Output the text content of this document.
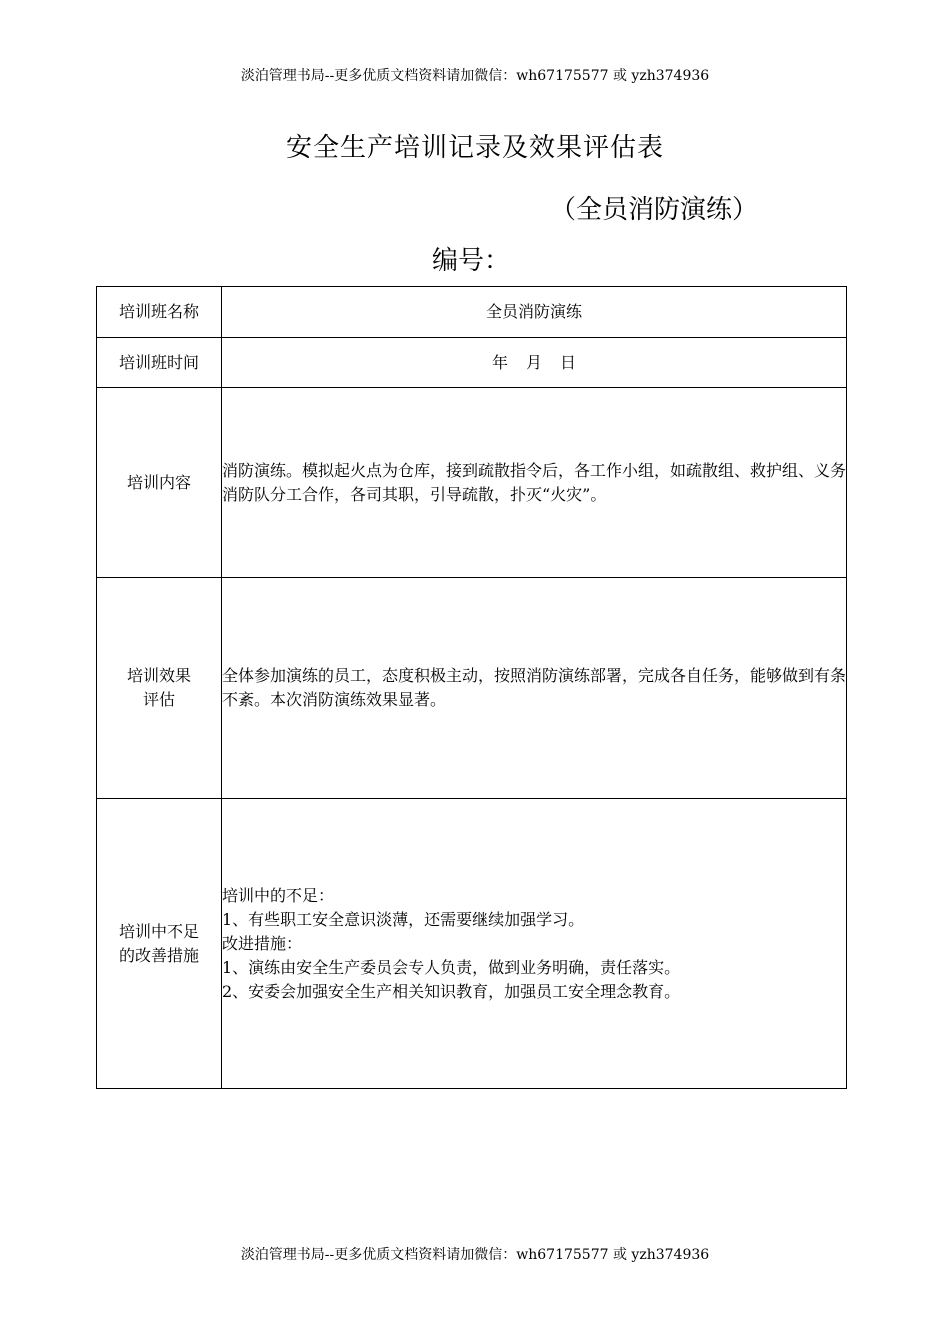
淡泊管理书局--更多优质文档资料请加微信：wh67175577 或 yzh374936
安全生产培训记录及效果评估表
（全员消防演练）
编号：
培训班名称	全员消防演练
培训班时间	年 月 日
培训内容	消防演练。模拟起火点为仓库，接到疏散指令后，各工作小组，如疏散组、救护组、义务消防队分工合作，各司其职，引导疏散，扑灭“火灾”。

培训效果
评估	全体参加演练的员工，态度积极主动，按照消防演练部署，完成各自任务，能够做到有条不紊。本次消防演练效果显著。

培训中不足
的改善措施	培训中的不足：
1、有些职工安全意识淡薄，还需要继续加强学习。
改进措施：
1、演练由安全生产委员会专人负责，做到业务明确，责任落实。
2、安委会加强安全生产相关知识教育，加强员工安全理念教育。
淡泊管理书局--更多优质文档资料请加微信：wh67175577 或 yzh374936
